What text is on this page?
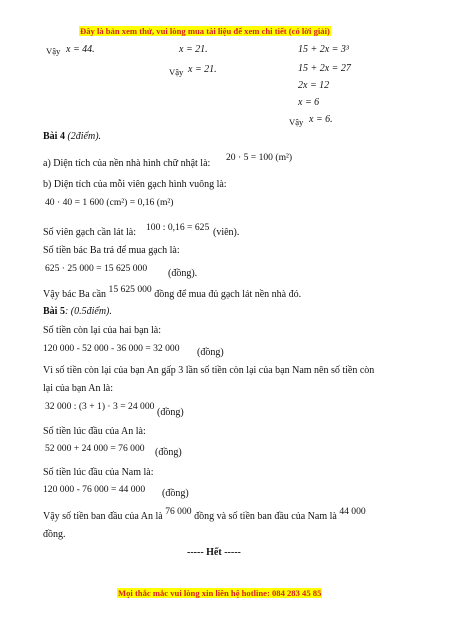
Đây là bản xem thử, vui lòng mua tài liệu để xem chi tiết (có lời giải)
Vậy x = 44.	x = 21.
Vậy x = 21.
15 + 2x = 3³
15 + 2x = 27
2x = 12
x = 6
Vậy x = 6.
Bài 4 (2điểm).
a) Diện tích của nền nhà hình chữ nhật là:
20 · 5 = 100 (m²)
b) Diện tích của mỗi viên gạch hình vuông là:
40 · 40 = 1 600 (cm²) = 0,16 (m²)
Số viên gạch cần lát là: 100 : 0,16 = 625 (viên).
Số tiền bác Ba trả để mua gạch là:
625 · 25 000 = 15 625 000 (đồng).
Vậy bác Ba cần 15 625 000 đồng để mua đủ gạch lát nền nhà đó.
Bài 5: (0.5điểm).
Số tiền còn lại của hai bạn là:
120 000 - 52 000 - 36 000 = 32 000 (đồng)
Vì số tiền còn lại của bạn An gấp 3 lần số tiền còn lại của bạn Nam nên số tiền còn
lại của bạn An là:
32 000 : (3 + 1) · 3 = 24 000
(đồng)
Số tiền lúc đầu của An là:
52 000 + 24 000 = 76 000 (đồng)
Số tiền lúc đầu của Nam là:
120 000 - 76 000 = 44 000 (đồng)
Vậy số tiền ban đầu của An là 76 000 đồng và số tiền ban đầu của Nam là 44 000
đồng.
----- Hết -----
Mọi thắc mắc vui lòng xin liên hệ hotline: 084 283 45 85
